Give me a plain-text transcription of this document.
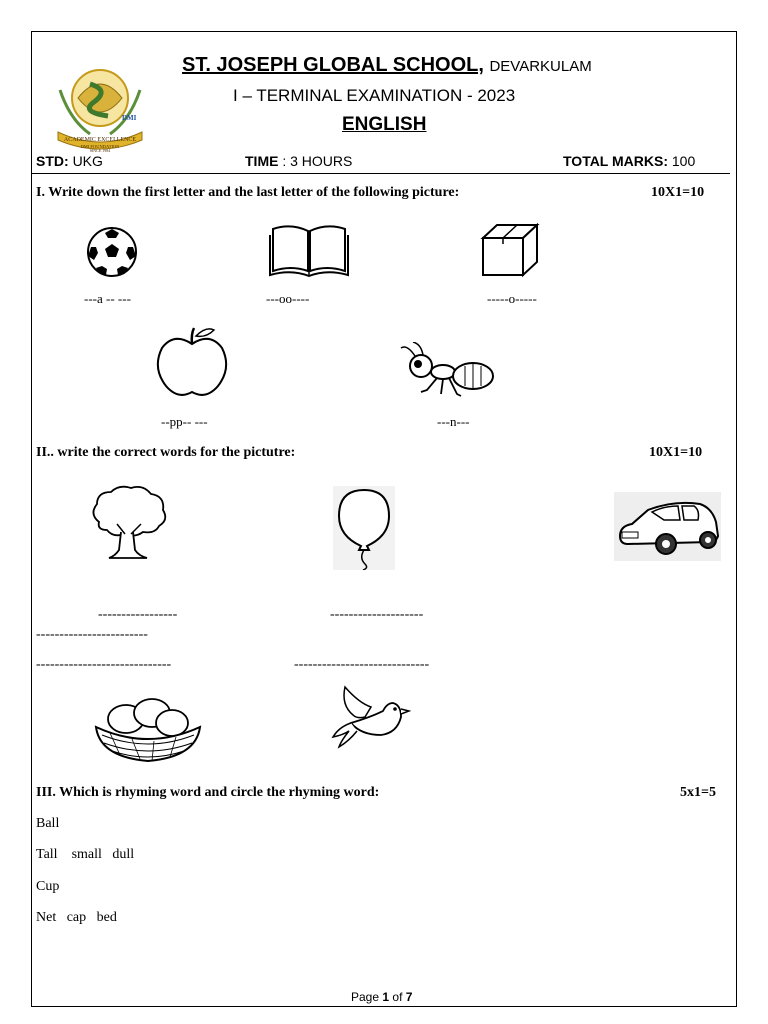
DMI
ACADEMIC EXCELLENCE
DMI FOUNDATION
SINCE 1984
ST. JOSEPH GLOBAL SCHOOL, DEVARKULAM
I – TERMINAL EXAMINATION - 2023
ENGLISH
STD: UKG	TIME : 3 HOURS	TOTAL MARKS: 100
I. Write down the first letter and the last letter of the following picture:	10X1=10
---a -- ---	---oo----	-----o-----
--pp-- ---	---n---
II.. write the correct words for the pictutre:	10X1=10
-----------------	--------------------
------------------------
-----------------------------	-----------------------------
III. Which is rhyming word and circle the rhyming word:	5x1=5
Ball
Tall    small   dull
Cup
Net   cap   bed
Page 1 of 7
